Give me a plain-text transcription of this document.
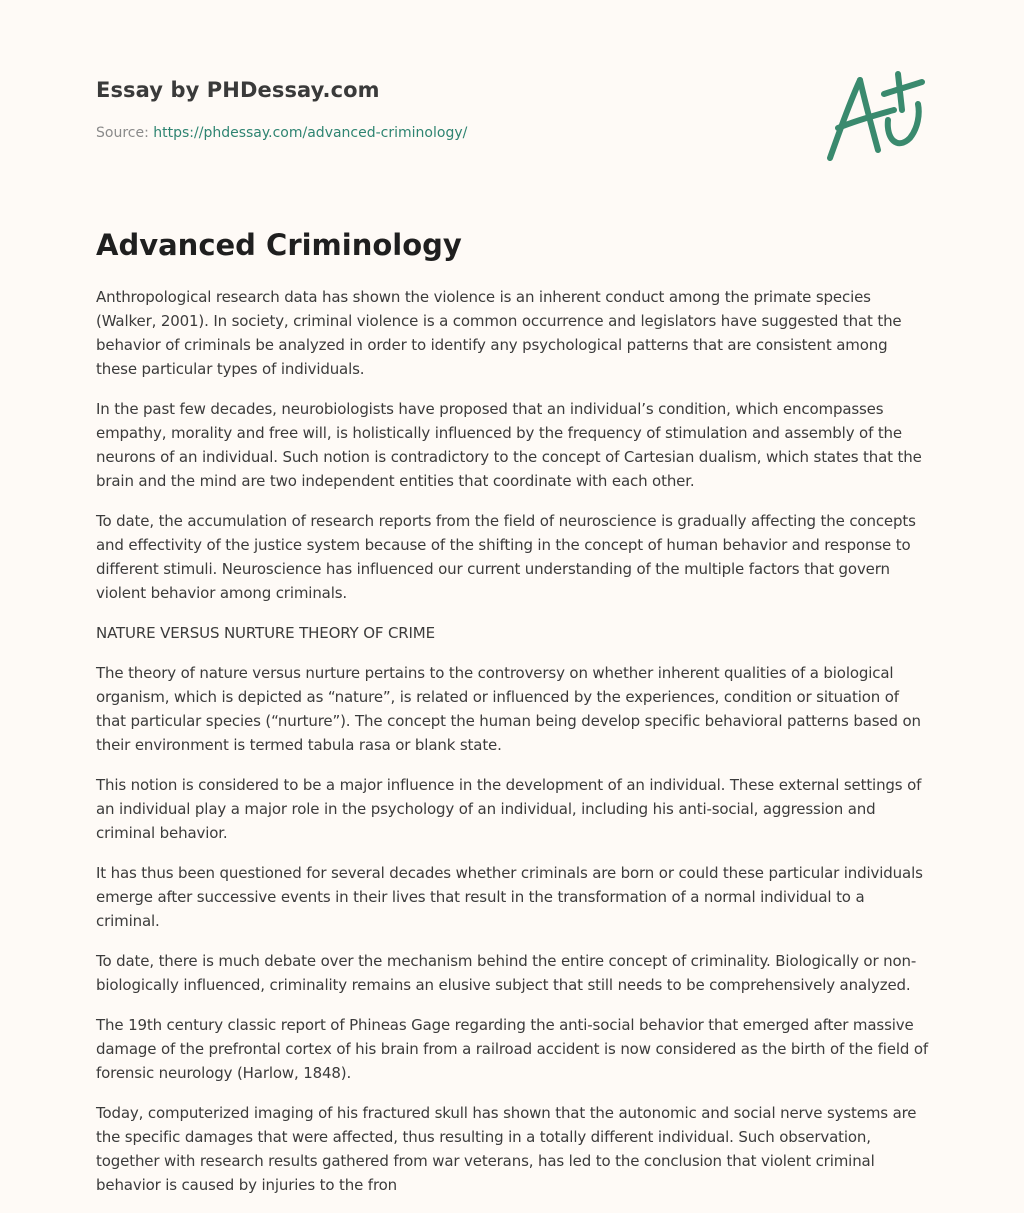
Essay by PHDessay.com
Source: https://phdessay.com/advanced-criminology/
Advanced Criminology

Anthropological research data has shown the violence is an inherent conduct among the primate species (Walker, 2001). In society, criminal violence is a common occurrence and legislators have suggested that the behavior of criminals be analyzed in order to identify any psychological patterns that are consistent among these particular types of individuals.

In the past few decades, neurobiologists have proposed that an individual’s condition, which encompasses empathy, morality and free will, is holistically influenced by the frequency of stimulation and assembly of the neurons of an individual. Such notion is contradictory to the concept of Cartesian dualism, which states that the brain and the mind are two independent entities that coordinate with each other.

To date, the accumulation of research reports from the field of neuroscience is gradually affecting the concepts and effectivity of the justice system because of the shifting in the concept of human behavior and response to different stimuli. Neuroscience has influenced our current understanding of the multiple factors that govern violent behavior among criminals.

NATURE VERSUS NURTURE THEORY OF CRIME

The theory of nature versus nurture pertains to the controversy on whether inherent qualities of a biological organism, which is depicted as “nature”, is related or influenced by the experiences, condition or situation of that particular species (“nurture”). The concept the human being develop specific behavioral patterns based on their environment is termed tabula rasa or blank state.

This notion is considered to be a major influence in the development of an individual. These external settings of an individual play a major role in the psychology of an individual, including his anti-social, aggression and criminal behavior.

It has thus been questioned for several decades whether criminals are born or could these particular individuals emerge after successive events in their lives that result in the transformation of a normal individual to a criminal.

To date, there is much debate over the mechanism behind the entire concept of criminality. Biologically or non-biologically influenced, criminality remains an elusive subject that still needs to be comprehensively analyzed.

The 19th century classic report of Phineas Gage regarding the anti-social behavior that emerged after massive damage of the prefrontal cortex of his brain from a railroad accident is now considered as the birth of the field of forensic neurology (Harlow, 1848).

Today, computerized imaging of his fractured skull has shown that the autonomic and social nerve systems are the specific damages that were affected, thus resulting in a totally different individual. Such observation, together with research results gathered from war veterans, has led to the conclusion that violent criminal behavior is caused by injuries to the fron
